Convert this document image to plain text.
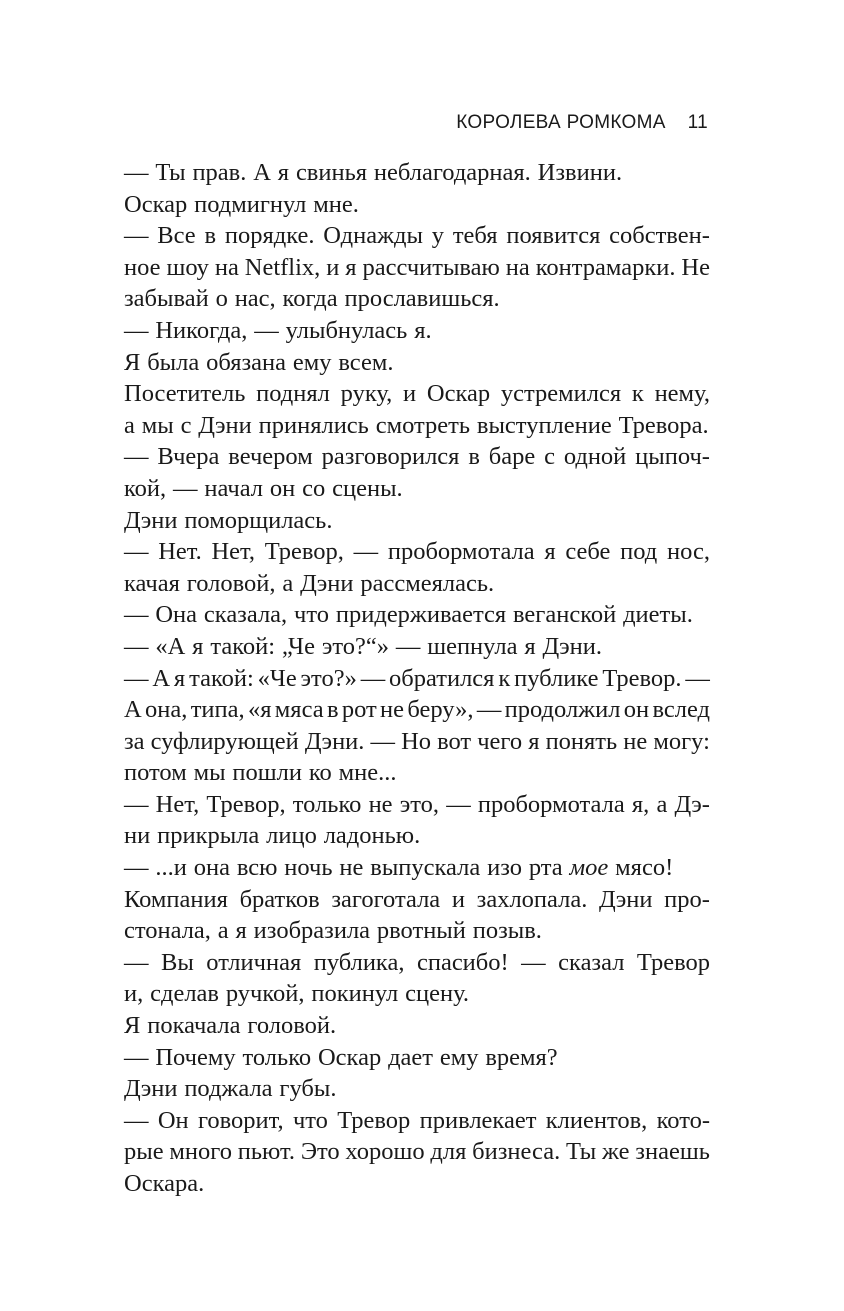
КОРОЛЕВА РОМКОМА 11
— Ты прав. А я свинья неблагодарная. Извини.
Оскар подмигнул мне.
— Все в порядке. Однажды у тебя появится собствен-
ное шоу на Netflix, и я рассчитываю на контрамарки. Не
забывай о нас, когда прославишься.
— Никогда, — улыбнулась я.
Я была обязана ему всем.
Посетитель поднял руку, и Оскар устремился к нему,
а мы с Дэни принялись смотреть выступление Тревора.
— Вчера вечером разговорился в баре с одной цыпоч-
кой, — начал он со сцены.
Дэни поморщилась.
— Нет. Нет, Тревор, — пробормотала я себе под нос,
качая головой, а Дэни рассмеялась.
— Она сказала, что придерживается веганской диеты.
— «А я такой: „Че это?“» — шепнула я Дэни.
— А я такой: «Че это?» — обратился к публике Тревор. —
А она, типа, «я мяса в рот не беру», — продолжил он вслед
за суфлирующей Дэни. — Но вот чего я понять не могу:
потом мы пошли ко мне...
— Нет, Тревор, только не это, — пробормотала я, а Дэ-
ни прикрыла лицо ладонью.
— ...и она всю ночь не выпускала изо рта мое мясо!
Компания братков загоготала и захлопала. Дэни про-
стонала, а я изобразила рвотный позыв.
— Вы отличная публика, спасибо! — сказал Тревор
и, сделав ручкой, покинул сцену.
Я покачала головой.
— Почему только Оскар дает ему время?
Дэни поджала губы.
— Он говорит, что Тревор привлекает клиентов, кото-
рые много пьют. Это хорошо для бизнеса. Ты же знаешь
Оскара.
